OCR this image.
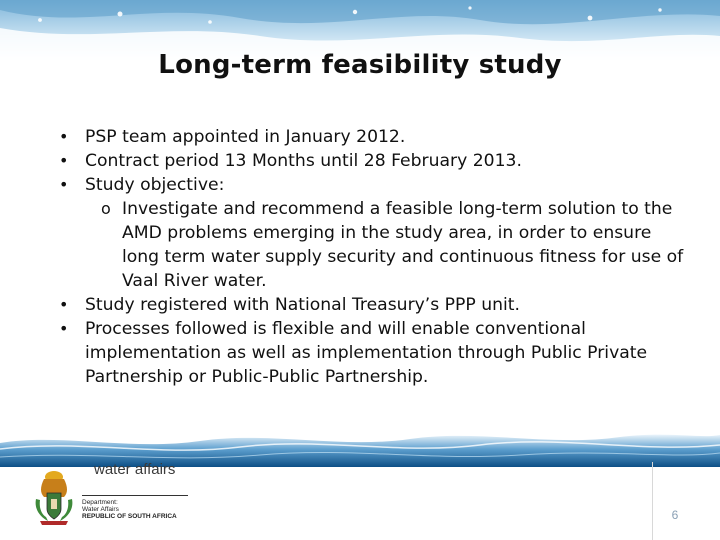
Long-term feasibility study
• PSP team appointed in January 2012.
• Contract period 13 Months until 28 February 2013.
• Study objective:
o Investigate and recommend a feasible long-term solution to the
AMD problems emerging in the study area, in order to ensure
long term water supply security and continuous fitness for use of
Vaal River water.
• Study registered with National Treasury’s PPP unit.
• Processes followed is flexible and will enable conventional
implementation as well as implementation through Public Private
Partnership or Public-Public Partnership.
water affairs
Department:
Water Affairs
REPUBLIC OF SOUTH AFRICA	6
